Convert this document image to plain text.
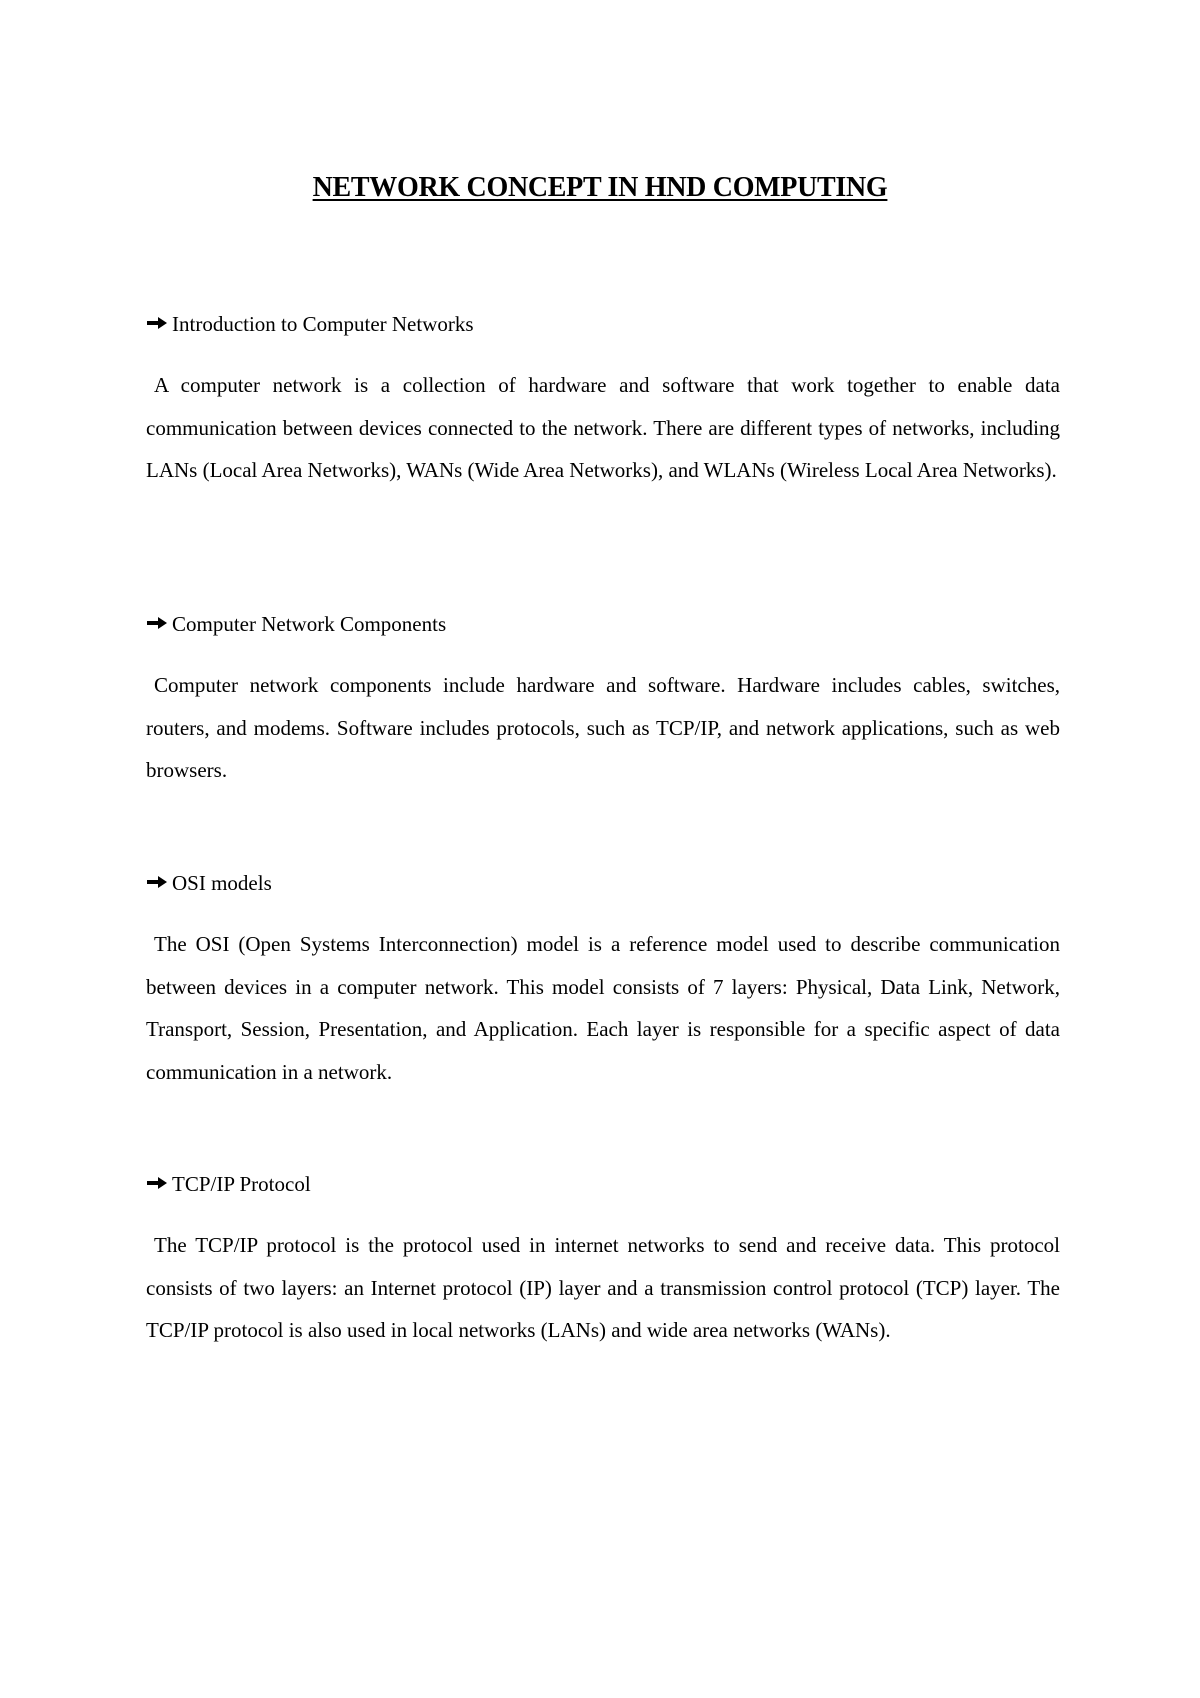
NETWORK CONCEPT IN HND COMPUTING

Introduction to Computer Networks

A computer network is a collection of hardware and software that work together to enable data communication between devices connected to the network. There are different types of networks, including LANs (Local Area Networks), WANs (Wide Area Networks), and WLANs (Wireless Local Area Networks).

Computer Network Components

Computer network components include hardware and software. Hardware includes cables, switches, routers, and modems. Software includes protocols, such as TCP/IP, and network applications, such as web browsers.

OSI models

The OSI (Open Systems Interconnection) model is a reference model used to describe communication between devices in a computer network. This model consists of 7 layers: Physical, Data Link, Network, Transport, Session, Presentation, and Application. Each layer is responsible for a specific aspect of data communication in a network.

TCP/IP Protocol

The TCP/IP protocol is the protocol used in internet networks to send and receive data. This protocol consists of two layers: an Internet protocol (IP) layer and a transmission control protocol (TCP) layer. The TCP/IP protocol is also used in local networks (LANs) and wide area networks (WANs).
